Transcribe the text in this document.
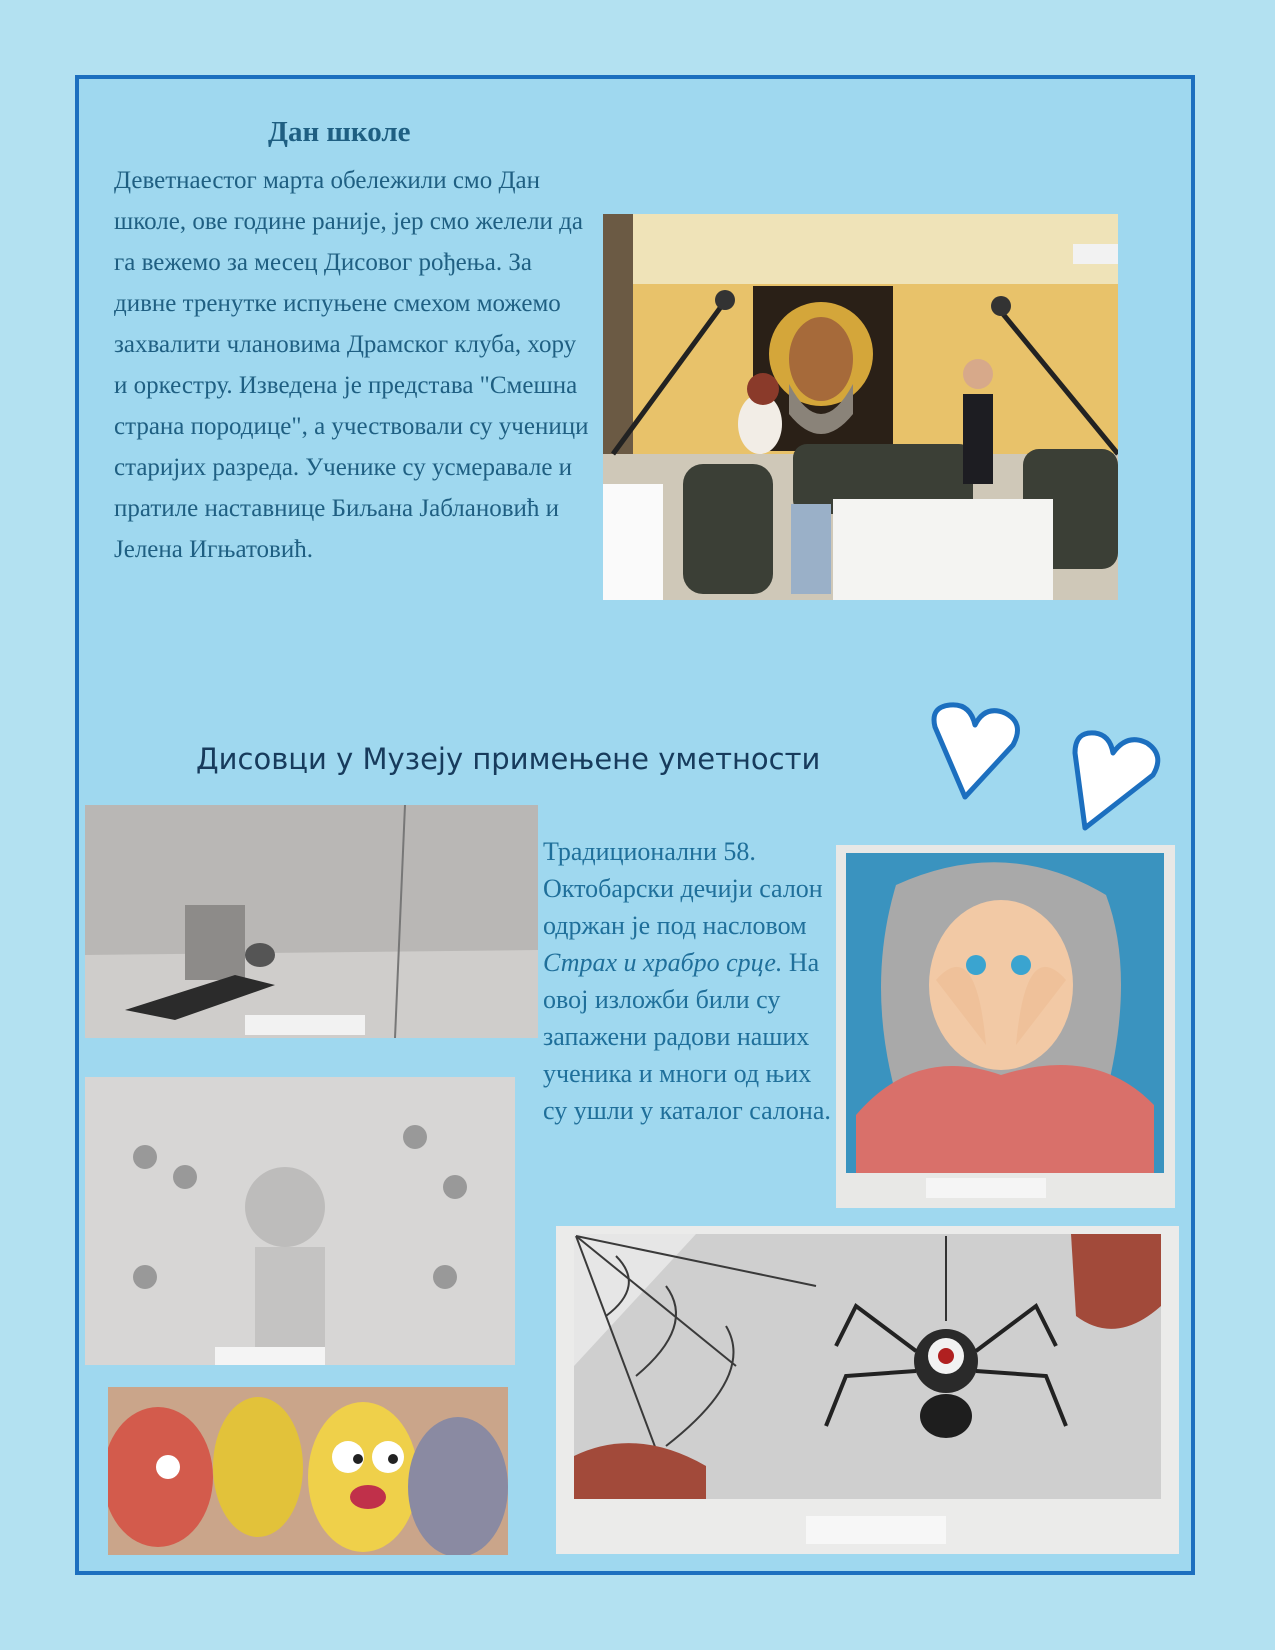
Дан школе
Деветнаестог марта обележили смо Дан школе, ове године раније, јер смо желели да га вежемо за месец Дисовог рођења. За дивне тренутке испуњене смехом можемо захвалити члановима Драмског клуба, хору и оркестру. Изведена је представа "Смешна страна породице", а учествовали су ученици старијих разреда. Ученике су усмеравале и пратиле наставнице Биљана Јаблановић и Јелена Игњатовић.
Дисовци у Музеју примењене уметности
Традиционални 58. Октобарски дечији салон одржан је под насловом Страх и храбро срце. На овој изложби били су запажени радови наших ученика и многи од њих су ушли у каталог салона.
